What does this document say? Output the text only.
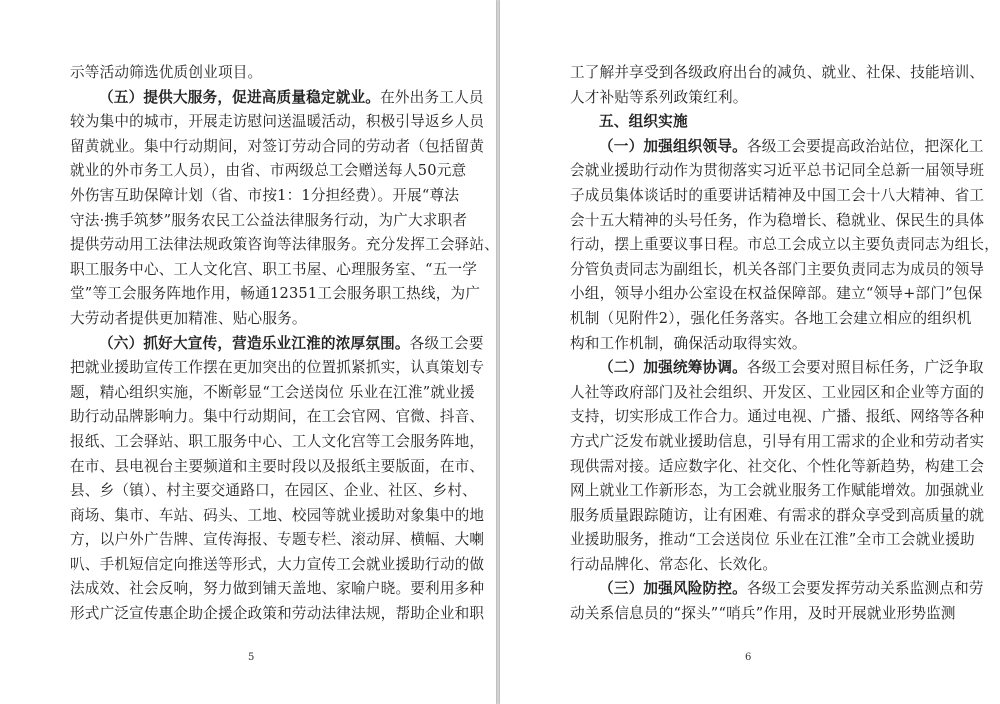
示等活动筛选优质创业项目。
（五）提供大服务，促进高质量稳定就业。在外出务工人员
较为集中的城市，开展走访慰问送温暖活动，积极引导返乡人员
留黄就业。集中行动期间，对签订劳动合同的劳动者（包括留黄
就业的外市务工人员），由省、市两级总工会赠送每人50元意
外伤害互助保障计划（省、市按1：1分担经费）。开展“尊法
守法·携手筑梦”服务农民工公益法律服务行动，为广大求职者
提供劳动用工法律法规政策咨询等法律服务。充分发挥工会驿站、
职工服务中心、工人文化宫、职工书屋、心理服务室、“五一学
堂”等工会服务阵地作用，畅通12351工会服务职工热线，为广
大劳动者提供更加精准、贴心服务。
（六）抓好大宣传，营造乐业江淮的浓厚氛围。各级工会要
把就业援助宣传工作摆在更加突出的位置抓紧抓实，认真策划专
题，精心组织实施，不断彰显“工会送岗位 乐业在江淮”就业援
助行动品牌影响力。集中行动期间，在工会官网、官微、抖音、
报纸、工会驿站、职工服务中心、工人文化宫等工会服务阵地，
在市、县电视台主要频道和主要时段以及报纸主要版面，在市、
县、乡（镇）、村主要交通路口，在园区、企业、社区、乡村、
商场、集市、车站、码头、工地、校园等就业援助对象集中的地
方，以户外广告牌、宣传海报、专题专栏、滚动屏、横幅、大喇
叭、手机短信定向推送等形式，大力宣传工会就业援助行动的做
法成效、社会反响，努力做到铺天盖地、家喻户晓。要利用多种
形式广泛宣传惠企助企援企政策和劳动法律法规，帮助企业和职
5	6
工了解并享受到各级政府出台的减负、就业、社保、技能培训、
人才补贴等系列政策红利。
五、组织实施
（一）加强组织领导。各级工会要提高政治站位，把深化工
会就业援助行动作为贯彻落实习近平总书记同全总新一届领导班
子成员集体谈话时的重要讲话精神及中国工会十八大精神、省工
会十五大精神的头号任务，作为稳增长、稳就业、保民生的具体
行动，摆上重要议事日程。市总工会成立以主要负责同志为组长，
分管负责同志为副组长，机关各部门主要负责同志为成员的领导
小组，领导小组办公室设在权益保障部。建立“领导+部门”包保
机制（见附件2），强化任务落实。各地工会建立相应的组织机
构和工作机制，确保活动取得实效。
（二）加强统筹协调。各级工会要对照目标任务，广泛争取
人社等政府部门及社会组织、开发区、工业园区和企业等方面的
支持，切实形成工作合力。通过电视、广播、报纸、网络等各种
方式广泛发布就业援助信息，引导有用工需求的企业和劳动者实
现供需对接。适应数字化、社交化、个性化等新趋势，构建工会
网上就业工作新形态，为工会就业服务工作赋能增效。加强就业
服务质量跟踪随访，让有困难、有需求的群众享受到高质量的就
业援助服务，推动“工会送岗位 乐业在江淮”全市工会就业援助
行动品牌化、常态化、长效化。
（三）加强风险防控。各级工会要发挥劳动关系监测点和劳
动关系信息员的“探头”“哨兵”作用，及时开展就业形势监测
